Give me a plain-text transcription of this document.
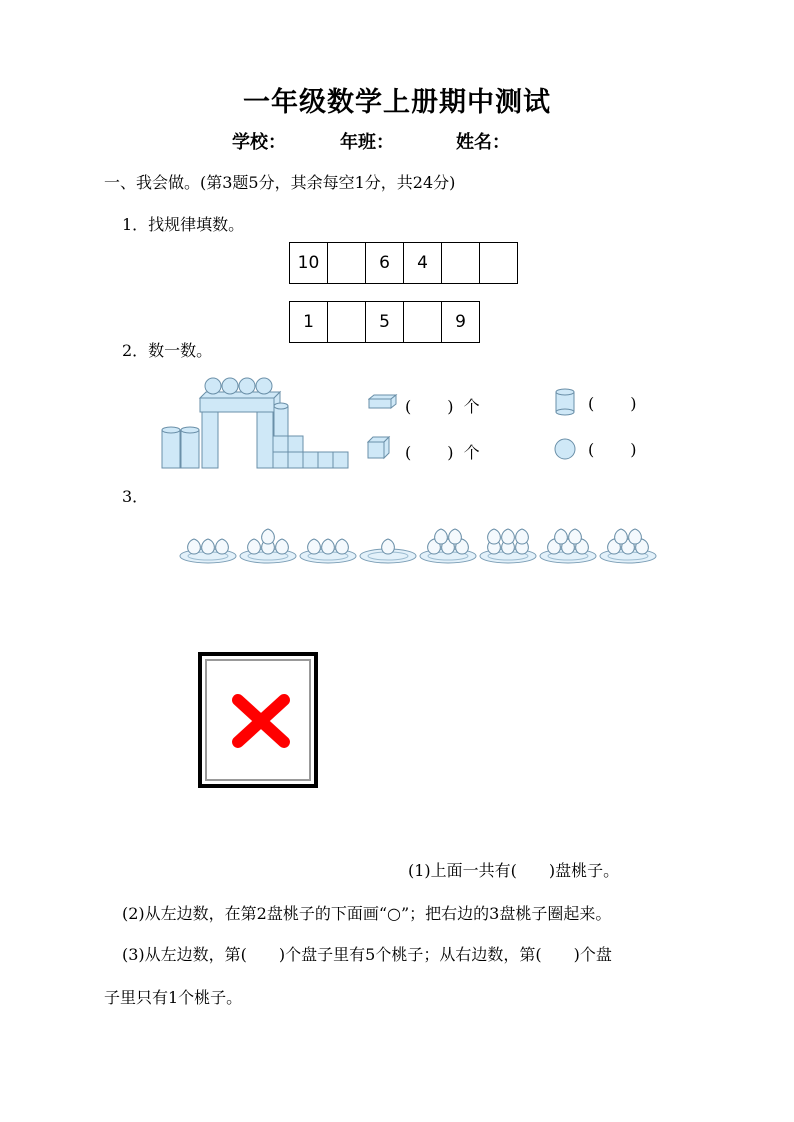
一年级数学上册期中测试
学校：	年班：	姓名：
一、我会做。(第3题5分，其余每空1分，共24分)
1．找规律填数。
10		6	4		
1		5		9
2．数一数。
( ) 个	( )
( ) 个	( )
3．
(1)上面一共有(　　)盘桃子。
(2)从左边数，在第2盘桃子的下面画“○”；把右边的3盘桃子圈起来。
(3)从左边数，第(　　)个盘子里有5个桃子；从右边数，第(　　)个盘
子里只有1个桃子。
